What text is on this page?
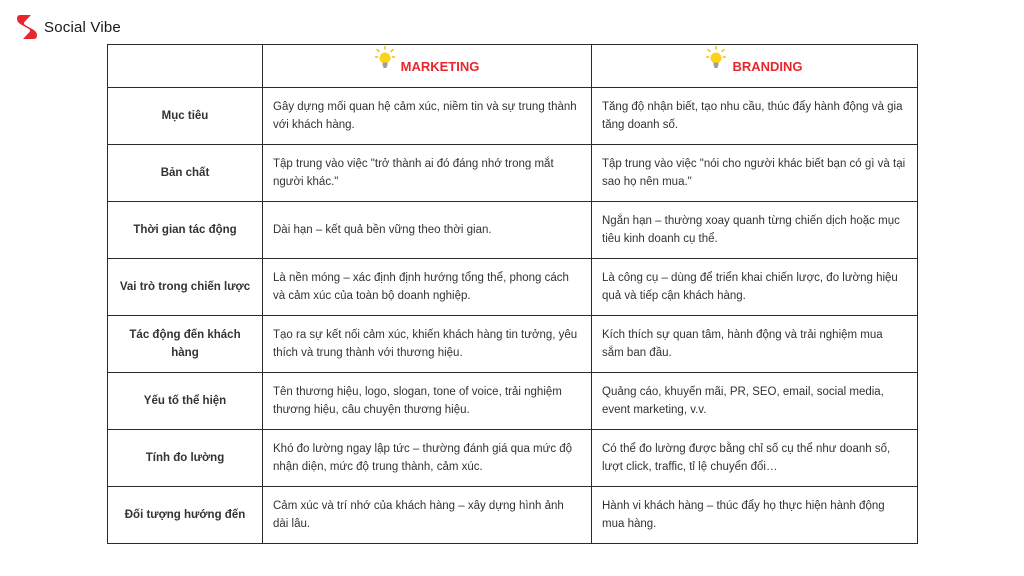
Social Vibe

	MARKETING	BRANDING

Mục tiêu	Gây dựng mối quan hệ cảm xúc, niềm tin và sự trung thành với khách hàng.	Tăng độ nhận biết, tạo nhu cầu, thúc đẩy hành động và gia tăng doanh số.
Bản chất	Tập trung vào việc "trở thành ai đó đáng nhớ trong mắt người khác."	Tập trung vào việc "nói cho người khác biết bạn có gì và tại sao họ nên mua."
Thời gian tác động	Dài hạn – kết quả bền vững theo thời gian.	Ngắn hạn – thường xoay quanh từng chiến dịch hoặc mục tiêu kinh doanh cụ thể.
Vai trò trong chiến lược	Là nền móng – xác định định hướng tổng thể, phong cách và cảm xúc của toàn bộ doanh nghiệp.	Là công cụ – dùng để triển khai chiến lược, đo lường hiệu quả và tiếp cận khách hàng.
Tác động đến khách hàng	Tạo ra sự kết nối cảm xúc, khiến khách hàng tin tưởng, yêu thích và trung thành với thương hiệu.	Kích thích sự quan tâm, hành động và trải nghiệm mua sắm ban đầu.
Yếu tố thể hiện	Tên thương hiệu, logo, slogan, tone of voice, trải nghiệm thương hiệu, câu chuyện thương hiệu.	Quảng cáo, khuyến mãi, PR, SEO, email, social media, event marketing, v.v.
Tính đo lường	Khó đo lường ngay lập tức – thường đánh giá qua mức độ nhận diện, mức độ trung thành, cảm xúc.	Có thể đo lường được bằng chỉ số cụ thể như doanh số, lượt click, traffic, tỉ lệ chuyển đổi…
Đối tượng hướng đến	Cảm xúc và trí nhớ của khách hàng – xây dựng hình ảnh dài lâu.	Hành vi khách hàng – thúc đẩy họ thực hiện hành động mua hàng.
